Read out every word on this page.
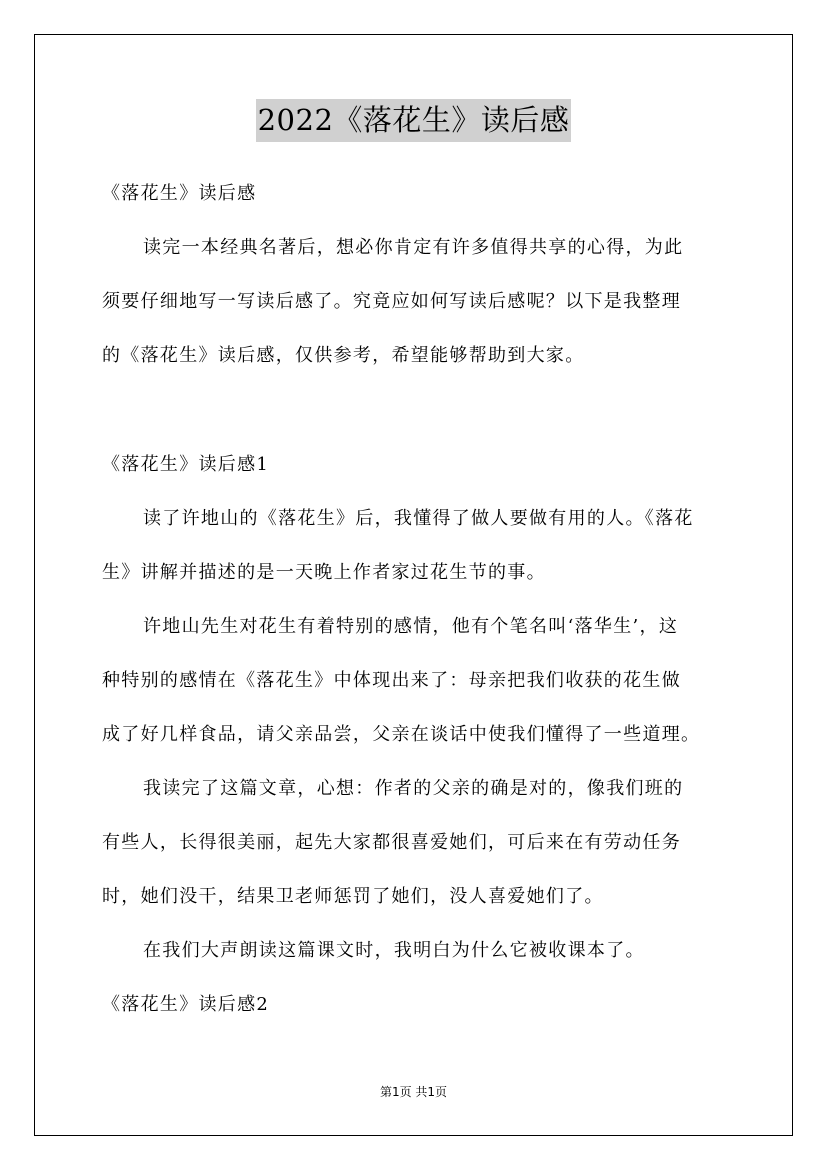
2022《落花生》读后感
《落花生》读后感
读完一本经典名著后，想必你肯定有许多值得共享的心得，为此
须要仔细地写一写读后感了。究竟应如何写读后感呢？以下是我整理
的《落花生》读后感，仅供参考，希望能够帮助到大家。
《落花生》读后感1
读了许地山的《落花生》后，我懂得了做人要做有用的人。《落花
生》讲解并描述的是一天晚上作者家过花生节的事。
许地山先生对花生有着特别的感情，他有个笔名叫‘落华生’，这
种特别的感情在《落花生》中体现出来了：母亲把我们收获的花生做
成了好几样食品，请父亲品尝，父亲在谈话中使我们懂得了一些道理。
我读完了这篇文章，心想：作者的父亲的确是对的，像我们班的
有些人，长得很美丽，起先大家都很喜爱她们，可后来在有劳动任务
时，她们没干，结果卫老师惩罚了她们，没人喜爱她们了。
在我们大声朗读这篇课文时，我明白为什么它被收课本了。
《落花生》读后感2
第1页 共1页
